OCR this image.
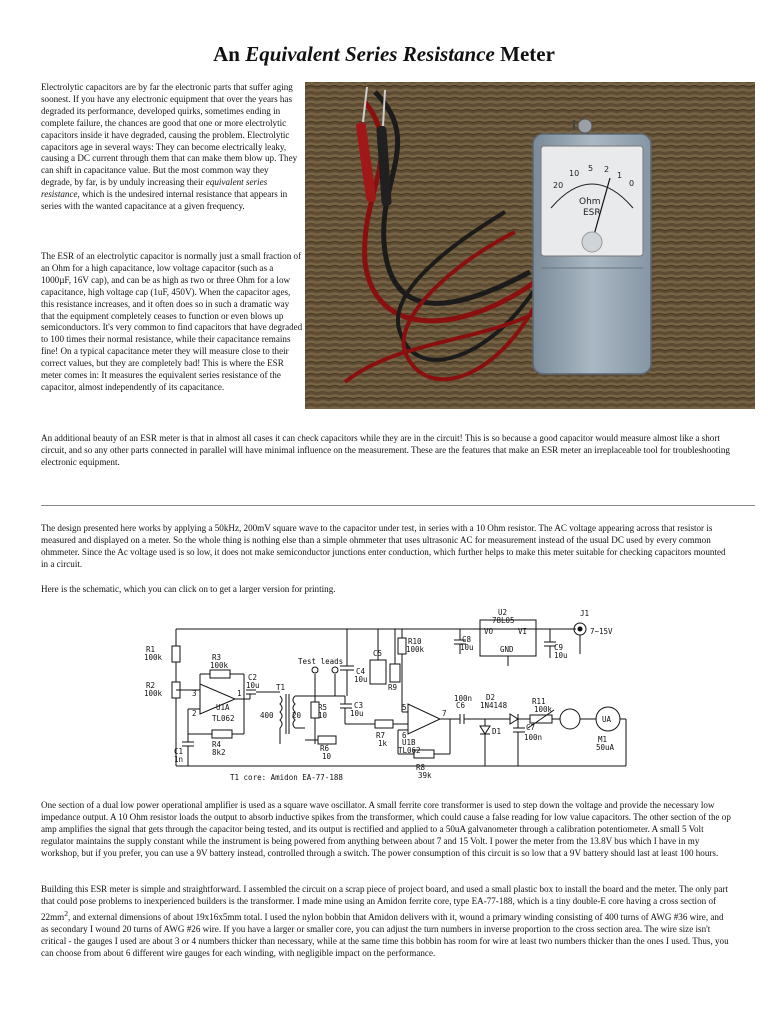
An Equivalent Series Resistance Meter

Electrolytic capacitors are by far the electronic parts that suffer aging soonest. If you have any electronic equipment that over the years has degraded its performance, developed quirks, sometimes ending in complete failure, the chances are good that one or more electrolytic capacitors inside it have degraded, causing the problem. Electrolytic capacitors age in several ways: They can become electrically leaky, causing a DC current through them that can make them blow up. They can shift in capacitance value. But the most common way they degrade, by far, is by unduly increasing their equivalent series resistance, which is the undesired internal resistance that appears in series with the wanted capacitance at a given frequency.

The ESR of an electrolytic capacitor is normally just a small fraction of an Ohm for a high capacitance, low voltage capacitor (such as a 1000µF, 16V cap), and can be as high as two or three Ohm for a low capacitance, high voltage cap (1uF, 450V). When the capacitor ages, this resistance increases, and it often does so in such a dramatic way that the equipment completely ceases to function or even blows up semiconductors. It's very common to find capacitors that have degraded to 100 times their normal resistance, while their capacitance remains fine! On a typical capacitance meter they will measure close to their correct values, but they are completely bad! This is where the ESR meter comes in: It measures the equivalent series resistance of the capacitor, almost independently of its capacitance.

20
10
5 2
1
0
Ohm
ESR

An additional beauty of an ESR meter is that in almost all cases it can check capacitors while they are in the circuit! This is so because a good capacitor would measure almost like a short circuit, and so any other parts connected in parallel will have minimal influence on the measurement. These are the features that make an ESR meter an irreplaceable tool for troubleshooting electronic equipment.

The design presented here works by applying a 50kHz, 200mV square wave to the capacitor under test, in series with a 10 Ohm resistor. The AC voltage appearing across that resistor is measured and displayed on a meter. So the whole thing is nothing else than a simple ohmmeter that uses ultrasonic AC for measurement instead of the usual DC used by every common ohmmeter. Since the Ac voltage used is so low, it does not make semiconductor junctions enter conduction, which further helps to make this meter suitable for checking capacitors mounted in a circuit.

Here is the schematic, which you can click on to get a larger version for printing.

R1
100k
R2
100k
R3
100k
R4
8k2
C1
1n
C2
10u
U1A
TL062
3
2
1
T1
400 20
Test leads
R5
10
R6
10
C3
10u
C4
10u
C5
R9
R10
100k
R7
1k U1B
TL062
5
6
7
R8
39k
C6
100n D2
1N4148
D1	C7
100n
R11
100k
UA
M1
50uA
U2
78L05
VO	VI
GND
C8
10u	C9
10u
J1
7~15V
T1 core: Amidon EA-77-188

One section of a dual low power operational amplifier is used as a square wave oscillator. A small ferrite core transformer is used to step down the voltage and provide the necessary low impedance output. A 10 Ohm resistor loads the output to absorb inductive spikes from the transformer, which could cause a false reading for low value capacitors. The other section of the op amp amplifies the signal that gets through the capacitor being tested, and its output is rectified and applied to a 50uA galvanometer through a calibration potentiometer. A small 5 Volt regulator maintains the supply constant while the instrument is being powered from anything between about 7 and 15 Volt. I power the meter from the 13.8V bus which I have in my workshop, but if you prefer, you can use a 9V battery instead, controlled through a switch. The power consumption of this circuit is so low that a 9V battery should last at least 100 hours.

Building this ESR meter is simple and straightforward. I assembled the circuit on a scrap piece of project board, and used a small plastic box to install the board and the meter. The only part that could pose problems to inexperienced builders is the transformer. I made mine using an Amidon ferrite core, type EA-77-188, which is a tiny double-E core having a cross section of $22mm^2$, and external dimensions of about 19x16x5mm total. I used the nylon bobbin that Amidon delivers with it, wound a primary winding consisting of 400 turns of AWG #36 wire, and as secondary I wound 20 turns of AWG #26 wire. If you have a larger or smaller core, you can adjust the turn numbers in inverse proportion to the cross section area. The wire size isn't critical - the gauges I used are about 3 or 4 numbers thicker than necessary, while at the same time this bobbin has room for wire at least two numbers thicker than the ones I used. Thus, you can choose from about 6 different wire gauges for each winding, with negligible impact on the performance.
